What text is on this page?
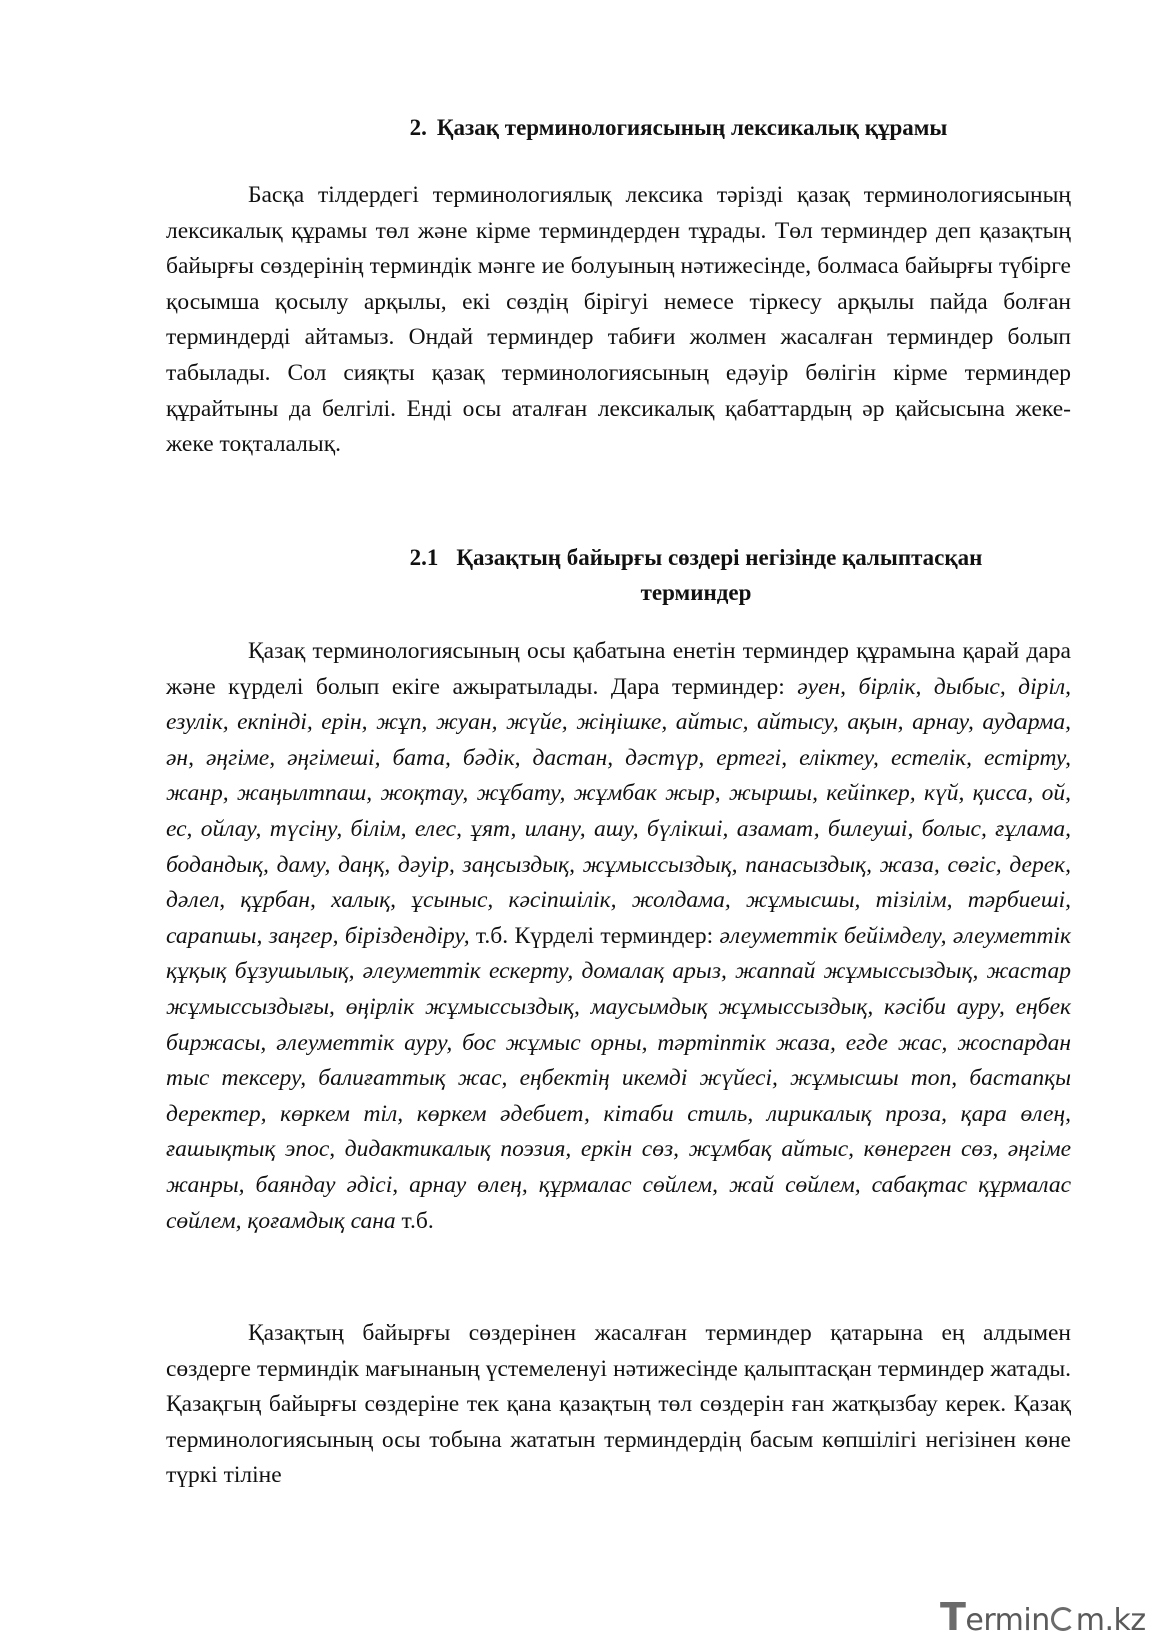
2. Қазақ терминологиясының лексикалық құрамы

Басқа тілдердегі терминологиялық лексика тәрізді қазақ терминологиясының лексикалық құрамы төл және кірме терминдерден тұрады. Төл терминдер деп қазақтың байырғы сөздерінің терминдік мәнге ие болуының нәтижесінде, болмаса байырғы түбірге қосымша қосылу арқылы, екі сөздің бірігуі немесе тіркесу арқылы пайда болған терминдерді айтамыз. Ондай терминдер табиғи жолмен жасалған терминдер болып табылады. Сол сияқты қазақ терминологиясының едәуір бөлігін кірме терминдер құрайтыны да белгілі. Енді осы аталған лексикалық қабаттардың әр қайсысына жеке-жеке тоқталалық.

2.1 Қазақтың байырғы сөздері негізінде қалыптасқан
терминдер

Қазақ терминологиясының осы қабатына енетін терминдер құрамына қарай дара және күрделі болып екіге ажыратылады. Дара терминдер: әуен, бірлік, дыбыс, діріл, езулік, екпінді, ерін, жұп, жуан, жүйе, жіңішке, айтыс, айтысу, ақын, арнау, аударма, ән, әңгіме, әңгімеші, бата, бәдік, дастан, дәстүр, ертегі, еліктеу, естелік, естірту, жанр, жаңылтпаш, жоқтау, жұбату, жұмбак жыр, жыршы, кейіпкер, күй, қисса, ой, ес, ойлау, түсіну, білім, елес, ұят, илану, ашу, бүлікші, азамат, билеуші, болыс, ғұлама, бодандық, даму, даңқ, дәуір, заңсыздық, жұмыссыздық, панасыздық, жаза, сөгіс, дерек, дәлел, құрбан, халық, ұсыныс, кәсіпшілік, жолдама, жұмысшы, тізілім, тәрбиеші, сарапшы, заңгер, біріздендіру, т.б. Күрделі терминдер: әлеуметтік бейімделу, әлеуметтік құқық бұзушылық, әлеуметтік ескерту, домалақ арыз, жаппай жұмыссыздық, жастар жұмыссыздығы, өңірлік жұмыссыздық, маусымдық жұмыссыздық, кәсіби ауру, еңбек биржасы, әлеуметтік ауру, бос жұмыс орны, тәртіптік жаза, егде жас, жоспардан тыс тексеру, балиғаттық жас, еңбектің икемді жүйесі, жұмысшы топ, бастапқы деректер, көркем тіл, көркем әдебиет, кітаби стиль, лирикалық проза, қара өлең, ғашықтық эпос, дидактикалық поэзия, еркін сөз, жұмбақ айтыс, көнерген сөз, әңгіме жанры, баяндау әдісі, арнау өлең, құрмалас сөйлем, жай сөйлем, сабақтас құрмалас сөйлем, қоғамдық сана т.б.

Қазақтың байырғы сөздерінен жасалған терминдер қатарына ең алдымен сөздерге терминдік мағынаның үстемеленуі нәтижесінде қалыптасқан терминдер жатады. Қазақгың байырғы сөздеріне тек қана қазақтың төл сөздерін ған жатқызбау керек. Қазақ терминологиясының осы тобына жататын терминдердің басым көпшілігі негізінен көне түркі тіліне

Termin m.kz
